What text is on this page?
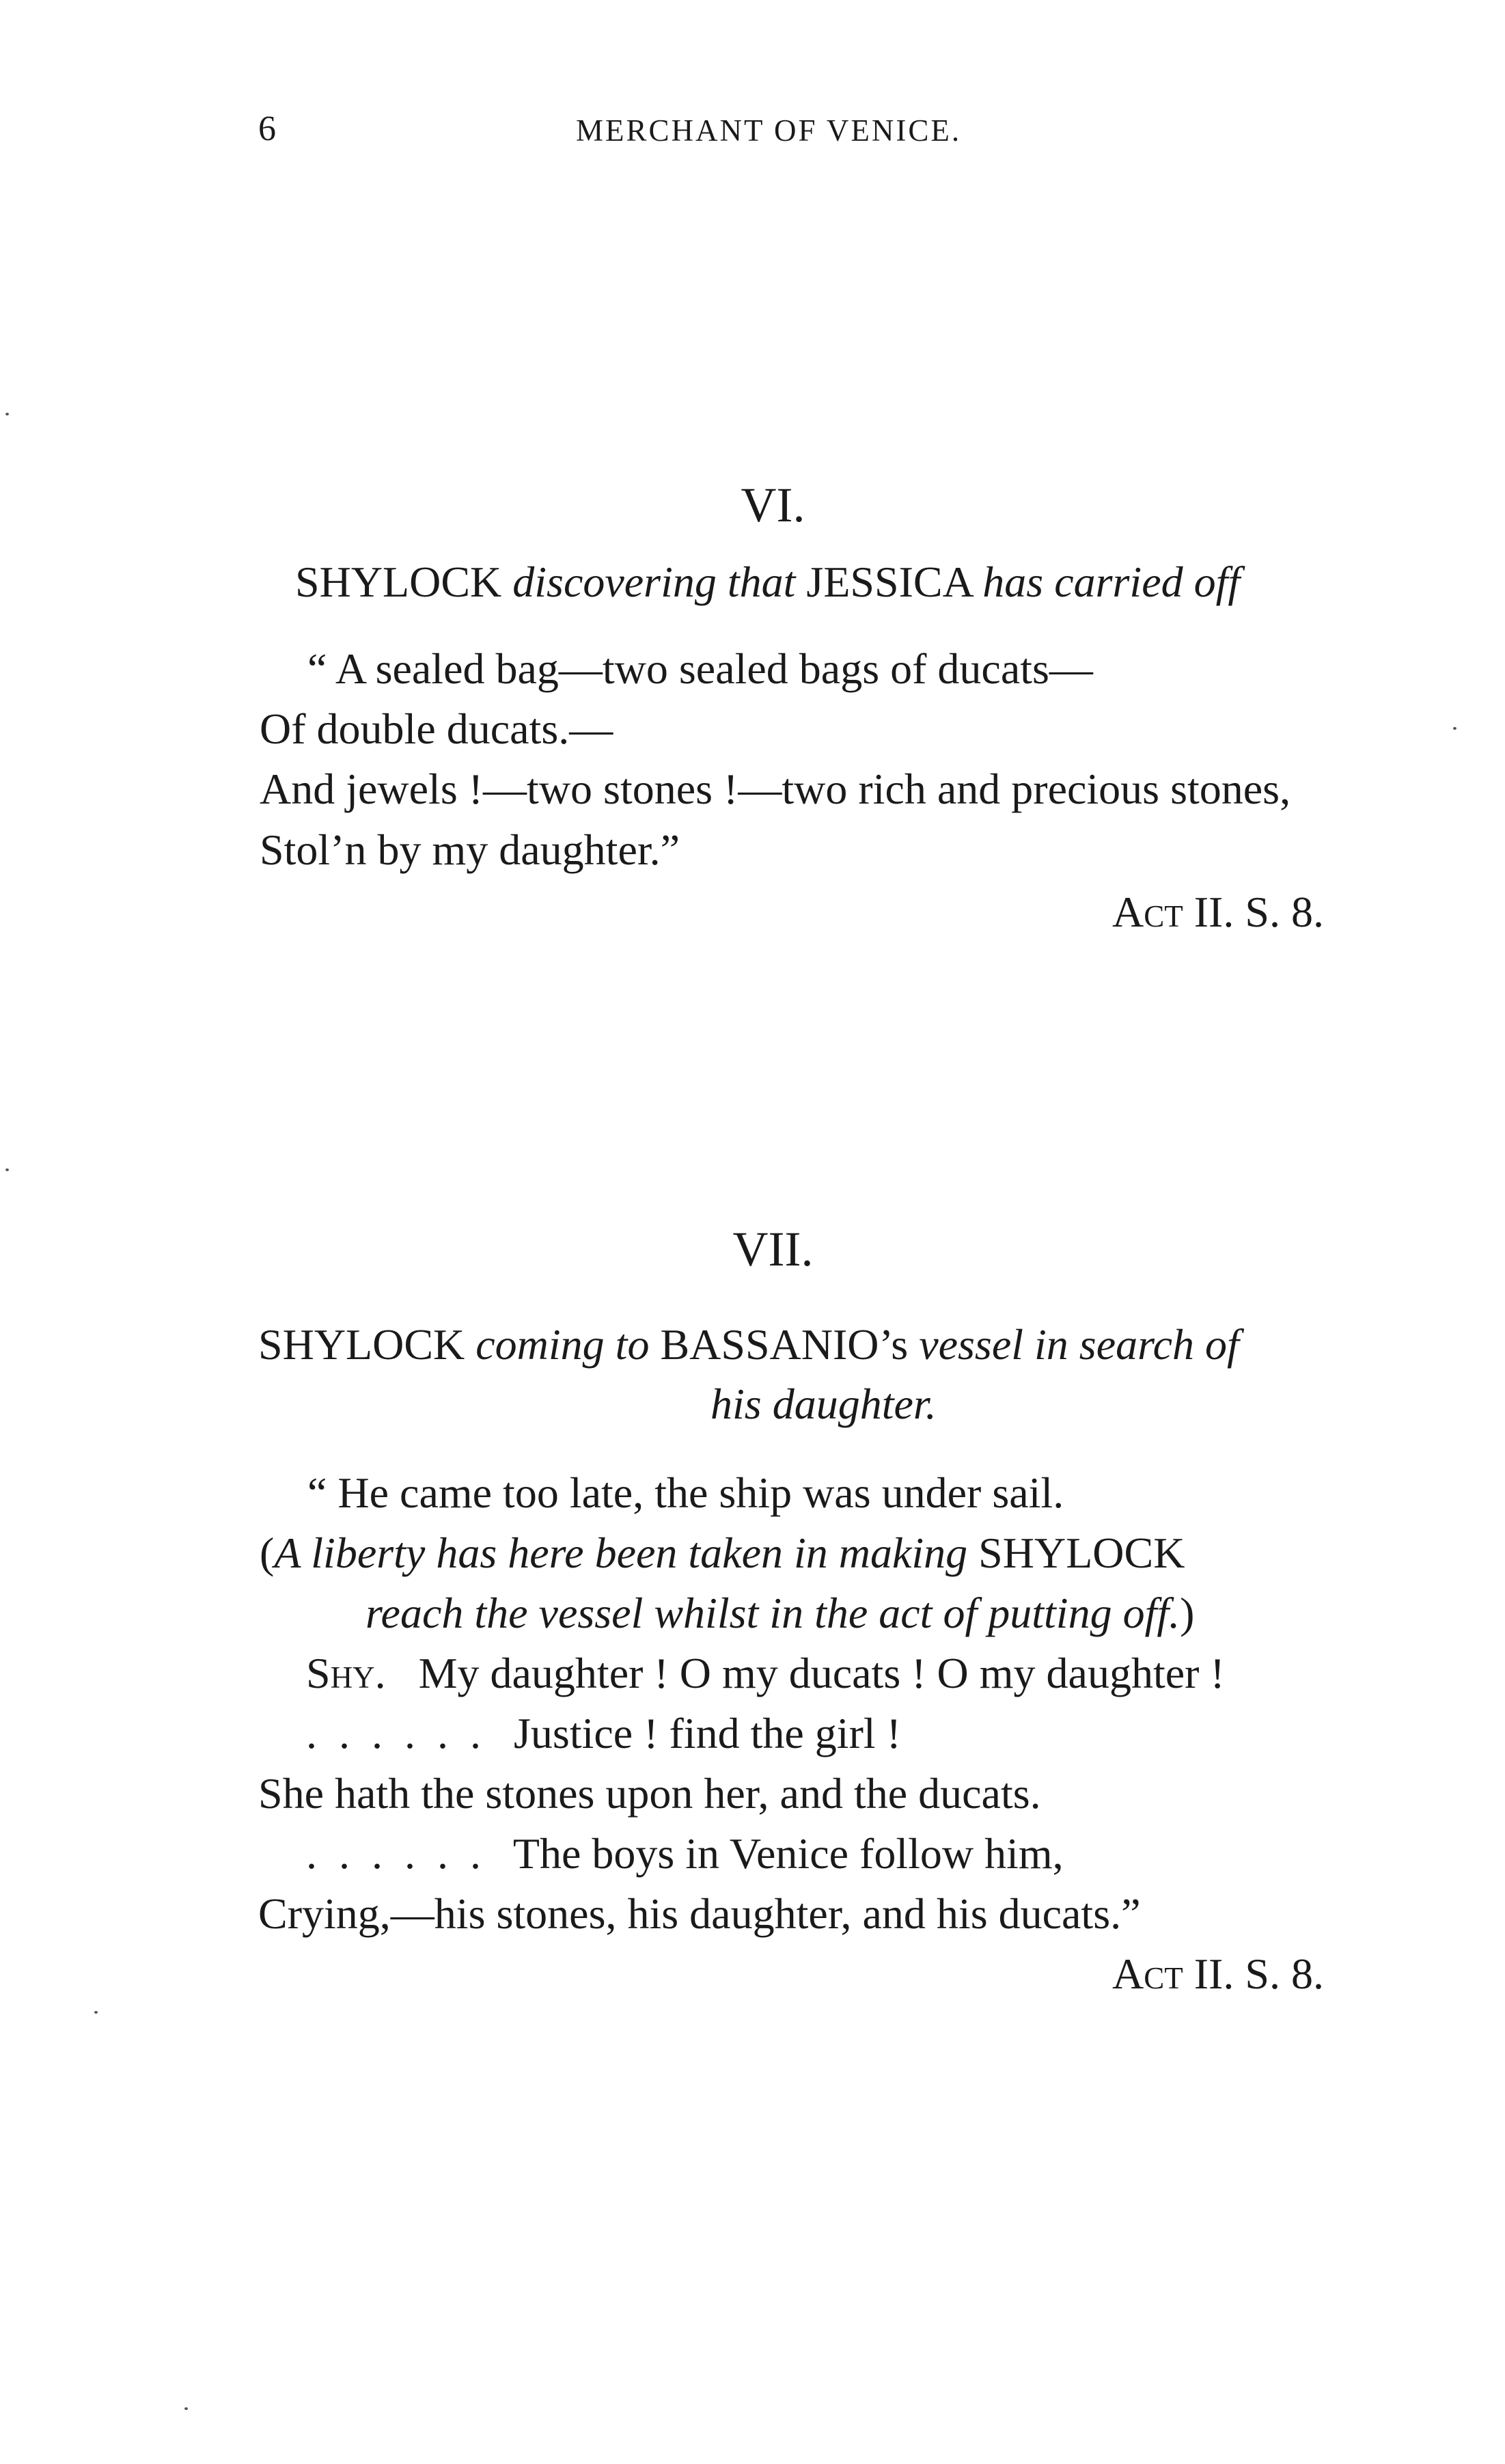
6	MERCHANT OF VENICE.
VI.
SHYLOCK discovering that JESSICA has carried off
“ A sealed bag—two sealed bags of ducats—
Of double ducats.—
And jewels !—two stones !—two rich and precious stones,
Stol’n by my daughter.”
Act II. S. 8.
VII.
SHYLOCK coming to BASSANIO’s vessel in search of
his daughter.
“ He came too late, the ship was under sail.
(A liberty has here been taken in making SHYLOCK
reach the vessel whilst in the act of putting off.)
Shy. My daughter ! O my ducats ! O my daughter !
...... Justice ! find the girl !
She hath the stones upon her, and the ducats.
...... The boys in Venice follow him,
Crying,—his stones, his daughter, and his ducats.”
Act II. S. 8.
